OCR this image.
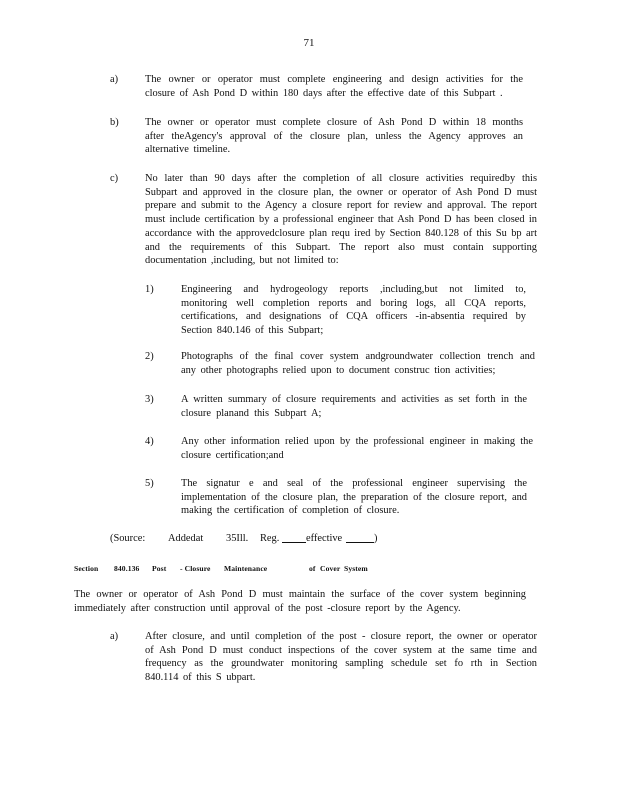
71
a)	The owner or operator must complete engineering and design activities for the closure of Ash Pond D within 180 days after the effective date of this Subpart .
b)	The owner or operator must complete closure of Ash Pond D within 18 months after theAgency's approval of the closure plan, unless the Agency approves an alternative timeline.
c)	No later than 90 days after the completion of all closure activities requiredby this Subpart and approved in the closure plan, the owner or operator of Ash Pond D must prepare and submit to the Agency a closure report for review and approval. The report must include certification by a professional engineer that Ash Pond D has been closed in accordance with the approvedclosure plan requ ired by Section 840.128 of this Su bp art and the requirements of this Subpart. The report also must contain supporting documentation ,including, but not limited to:
1)	Engineering and hydrogeology reports ,including,but not limited to, monitoring well completion reports and boring logs, all CQA reports, certifications, and designations of CQA officers -in-absentia required by Section 840.146 of this Subpart;
2)	Photographs of the final cover system andgroundwater collection trench and any other photographs relied upon to document construc tion activities;
3)	A written summary of closure requirements and activities as set forth in the closure planand this Subpart A;
4)	Any other information relied upon by the professional engineer in making the closure certification;and
5)	The signatur e and seal of the professional engineer supervising the implementation of the closure plan, the preparation of the closure report, and making the certification of completion of closure.
(Source: Addedat 35Ill. Reg.	effective	)
Section 840.136 Post - Closure Maintenance	of Cover System
The owner or operator of Ash Pond D must maintain the surface of the cover system beginning immediately after construction until approval of the post -closure report by the Agency.
a)	After closure, and until completion of the post - closure report, the owner or operator of Ash Pond D must conduct inspections of the cover system at the same time and frequency as the groundwater monitoring sampling schedule set fo rth in Section 840.114 of this S ubpart.
